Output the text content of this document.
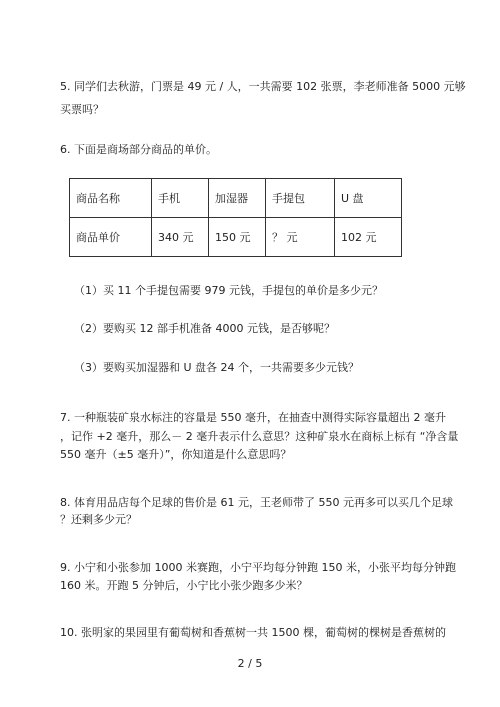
5. 同学们去秋游，门票是 49 元 / 人，一共需要 102 张票，李老师准备 5000 元够
买票吗？
6. 下面是商场部分商品的单价。
商品名称	手机	加湿器	手提包	U 盘
商品单价	340 元	150 元	？ 元	102 元
（1）买 11 个手提包需要 979 元钱，手提包的单价是多少元？
（2）要购买 12 部手机准备 4000 元钱，是否够呢？
（3）要购买加湿器和 U 盘各 24 个，一共需要多少元钱？
7. 一种瓶装矿泉水标注的容量是 550 毫升，在抽查中测得实际容量超出 2 毫升
，记作 +2 毫升，那么－ 2 毫升表示什么意思？这种矿泉水在商标上标有 “净含量
550 毫升（±5 毫升）”，你知道是什么意思吗？
8. 体育用品店每个足球的售价是 61 元，王老师带了 550 元再多可以买几个足球
？还剩多少元？
9. 小宁和小张参加 1000 米赛跑，小宁平均每分钟跑 150 米，小张平均每分钟跑
160 米。开跑 5 分钟后，小宁比小张少跑多少米？
10. 张明家的果园里有葡萄树和香蕉树一共 1500 棵，葡萄树的棵树是香蕉树的
2 / 5
